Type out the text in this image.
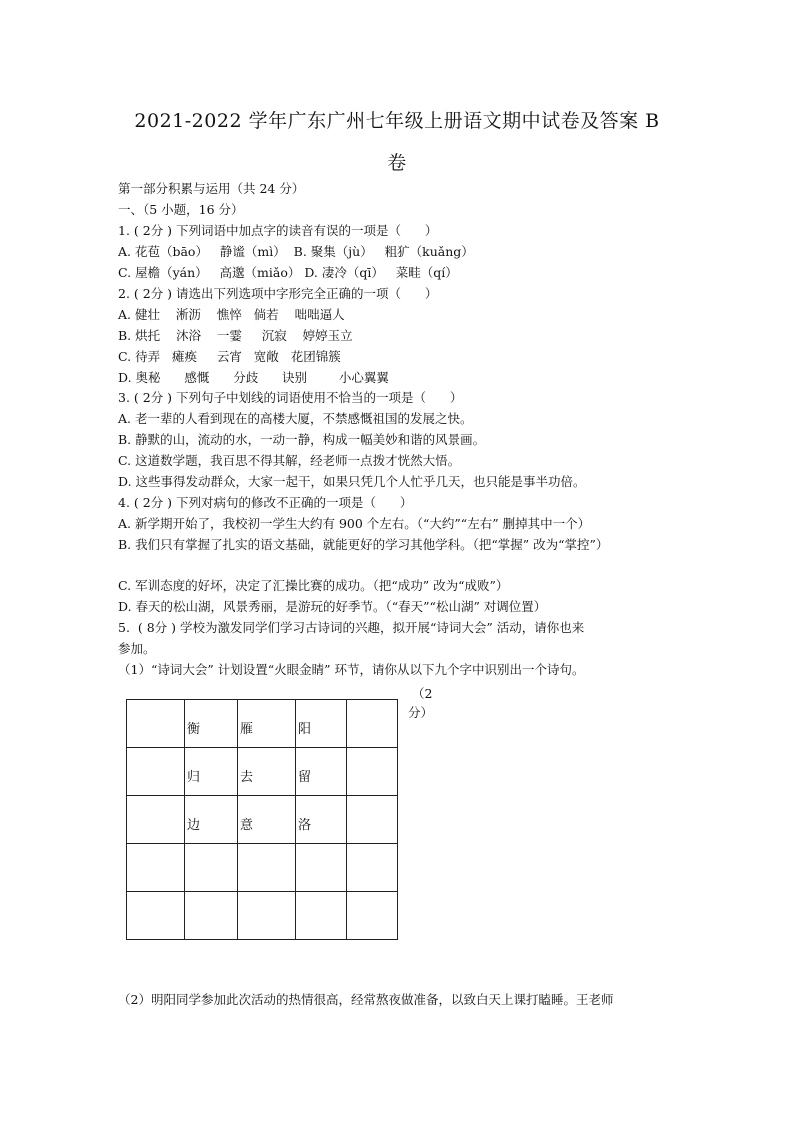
2021-2022 学年广东广州七年级上册语文期中试卷及答案 B
卷
第一部分积累与运用（共 24 分）
一、（5 小题，16 分）
1. ( 2分 ) 下列词语中加点字的读音有误的一项是（      ）
A. 花苞（bāo）   静谧（mì）  B. 聚集（jù）   粗犷（kuǎng）
C. 屋檐（yán）   高邈（miǎo） D. 凄冷（qī）   菜畦（qí）
2. ( 2分 ) 请选出下列选项中字形完全正确的一项（      ）
A. 健壮    淅沥    憔悴   倘若    咄咄逼人
B. 烘托    沐浴    一霎     沉寂    婷婷玉立
C. 待弄   瘫痪     云宵   宽敞   花团锦簇
D. 奥秘      感慨      分歧      诀别        小心翼翼
3. ( 2分 ) 下列句子中划线的词语使用不恰当的一项是（      ）
A. 老一辈的人看到现在的高楼大厦，不禁感慨祖国的发展之快。
B. 静默的山，流动的水，一动一静，构成一幅美妙和谐的风景画。
C. 这道数学题，我百思不得其解，经老师一点拨才恍然大悟。
D. 这些事得发动群众，大家一起干，如果只凭几个人忙乎几天，也只能是事半功倍。
4. ( 2分 ) 下列对病句的修改不正确的一项是（      ）
A. 新学期开始了，我校初一学生大约有 900 个左右。（“大约”“左右” 删掉其中一个）
B. 我们只有掌握了扎实的语文基础，就能更好的学习其他学科。（把“掌握” 改为“掌控”）
C. 军训态度的好坏，决定了汇操比赛的成功。（把“成功” 改为“成败”）
D. 春天的松山湖，风景秀丽，是游玩的好季节。（“春天”“松山湖” 对调位置）
5.  ( 8分 ) 学校为激发同学们学习古诗词的兴趣，拟开展“诗词大会” 活动，请你也来
参加。
（1）“诗词大会” 计划设置“火眼金睛” 环节，请你从以下九个字中识别出一个诗句。
（2
分）
	衡	雁	阳	
	归	去	留	
	边	意	洛	

（2）明阳同学参加此次活动的热情很高，经常熬夜做准备，以致白天上课打瞌睡。王老师
